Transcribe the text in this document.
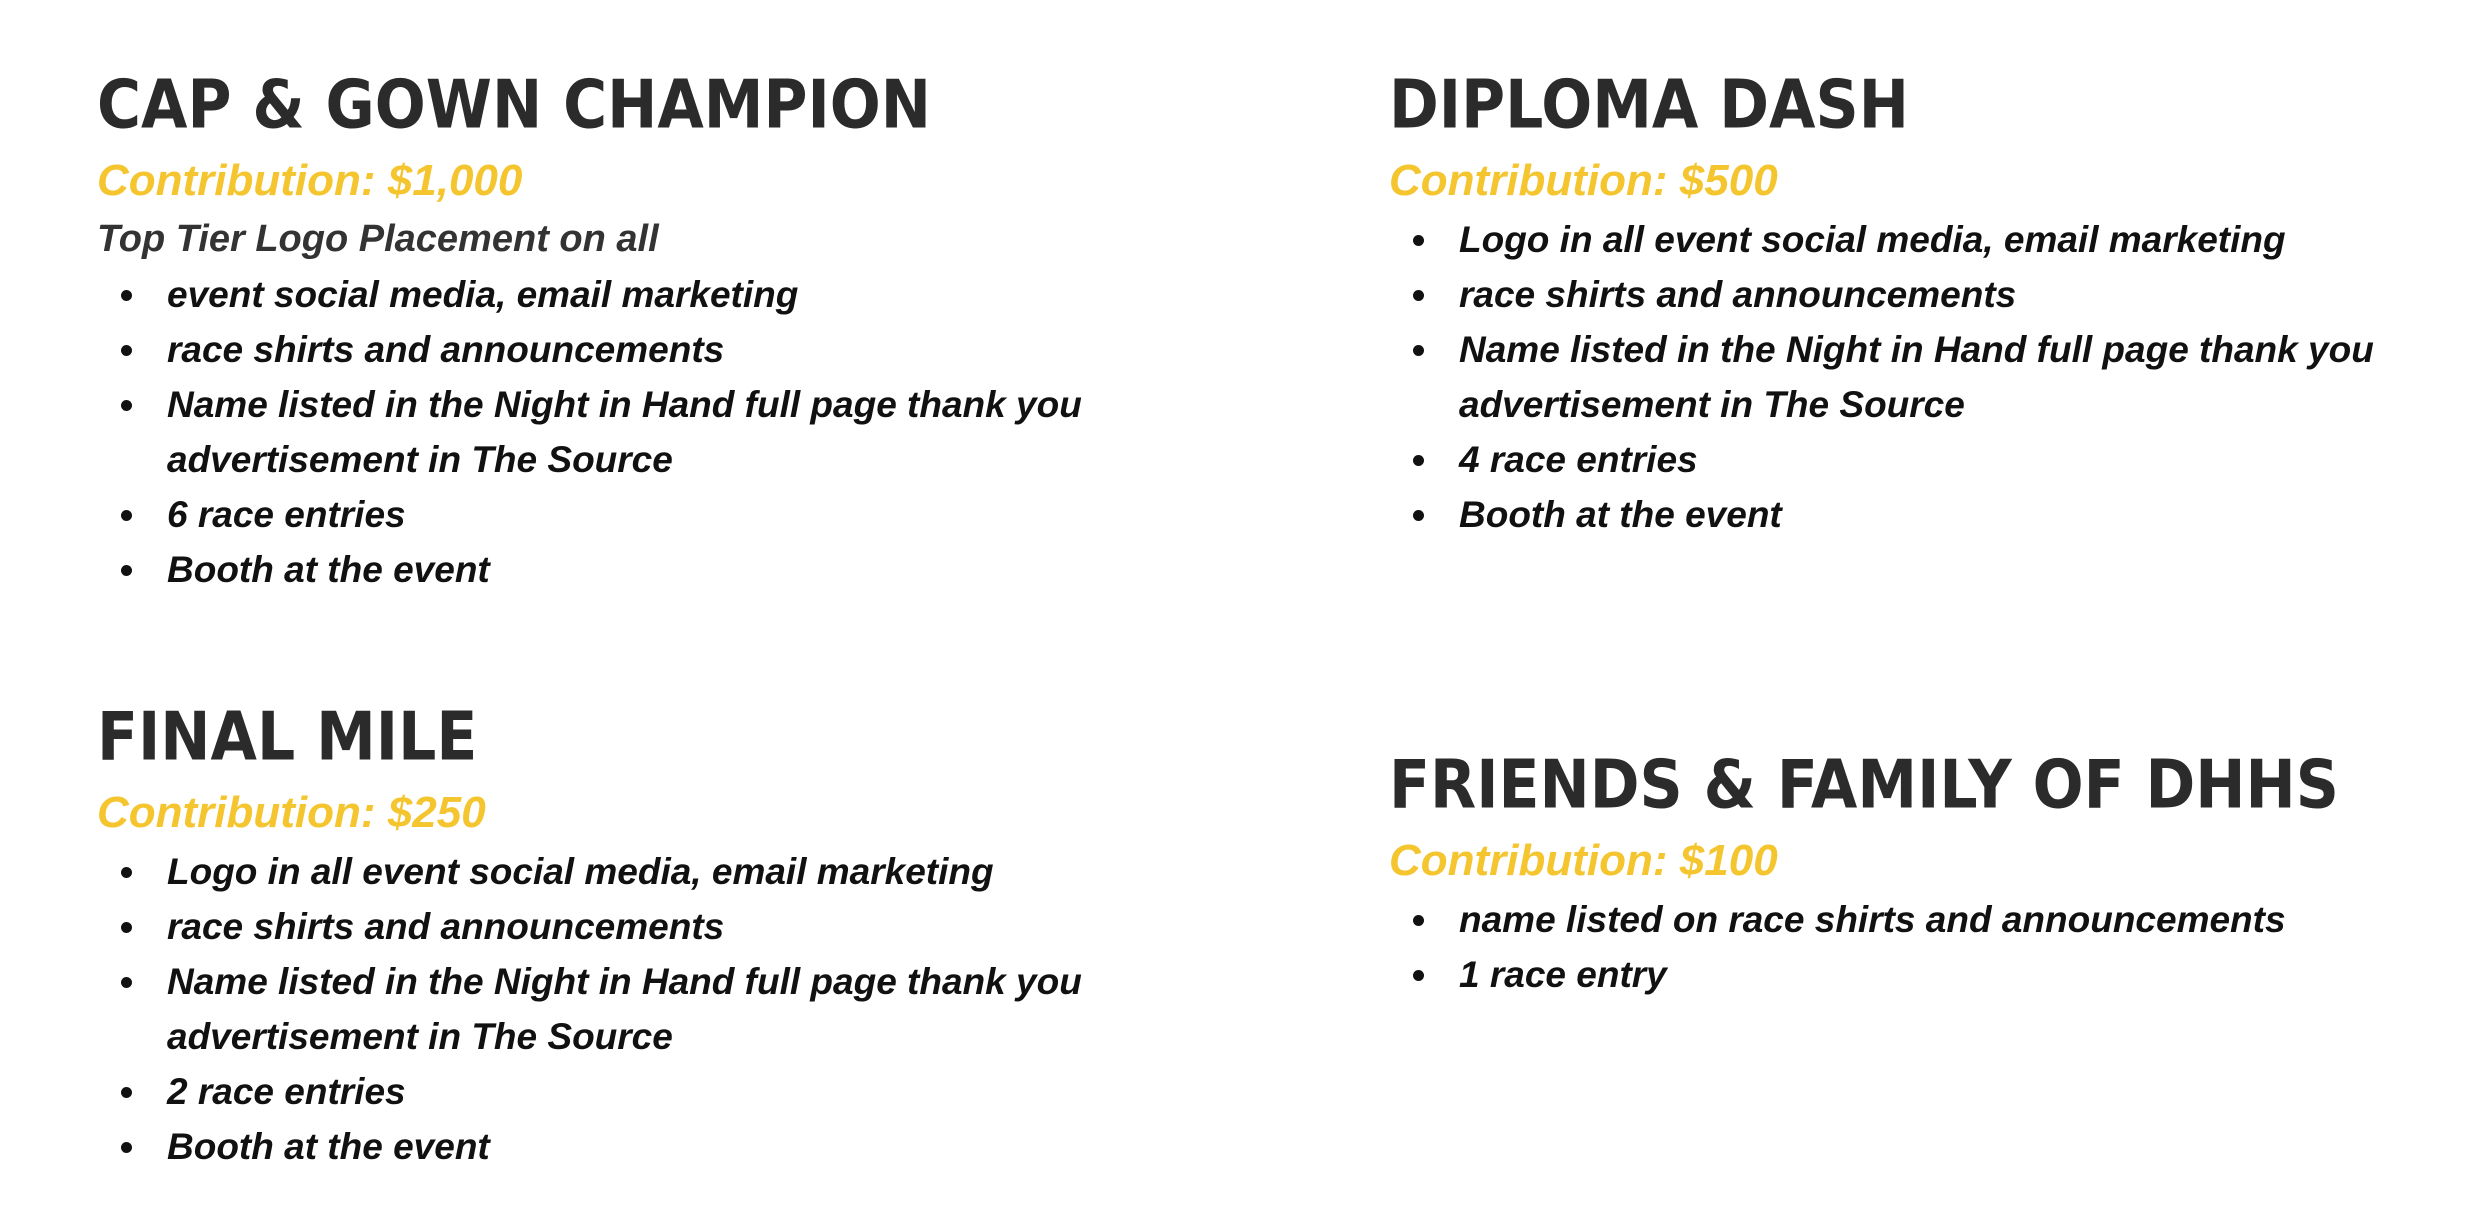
CAP & GOWN CHAMPION

Contribution: $1,000

Top Tier Logo Placement on all

event social media, email marketing
race shirts and announcements
Name listed in the Night in Hand full page thank you advertisement in The Source
6 race entries
Booth at the event
DIPLOMA DASH

Contribution: $500

Logo in all event social media, email marketing
race shirts and announcements
Name listed in the Night in Hand full page thank you advertisement in The Source
4 race entries
Booth at the event
FINAL MILE

Contribution: $250

Logo in all event social media, email marketing
race shirts and announcements
Name listed in the Night in Hand full page thank you advertisement in The Source
2 race entries
Booth at the event
FRIENDS & FAMILY OF DHHS

Contribution: $100

name listed on race shirts and announcements
1 race entry
